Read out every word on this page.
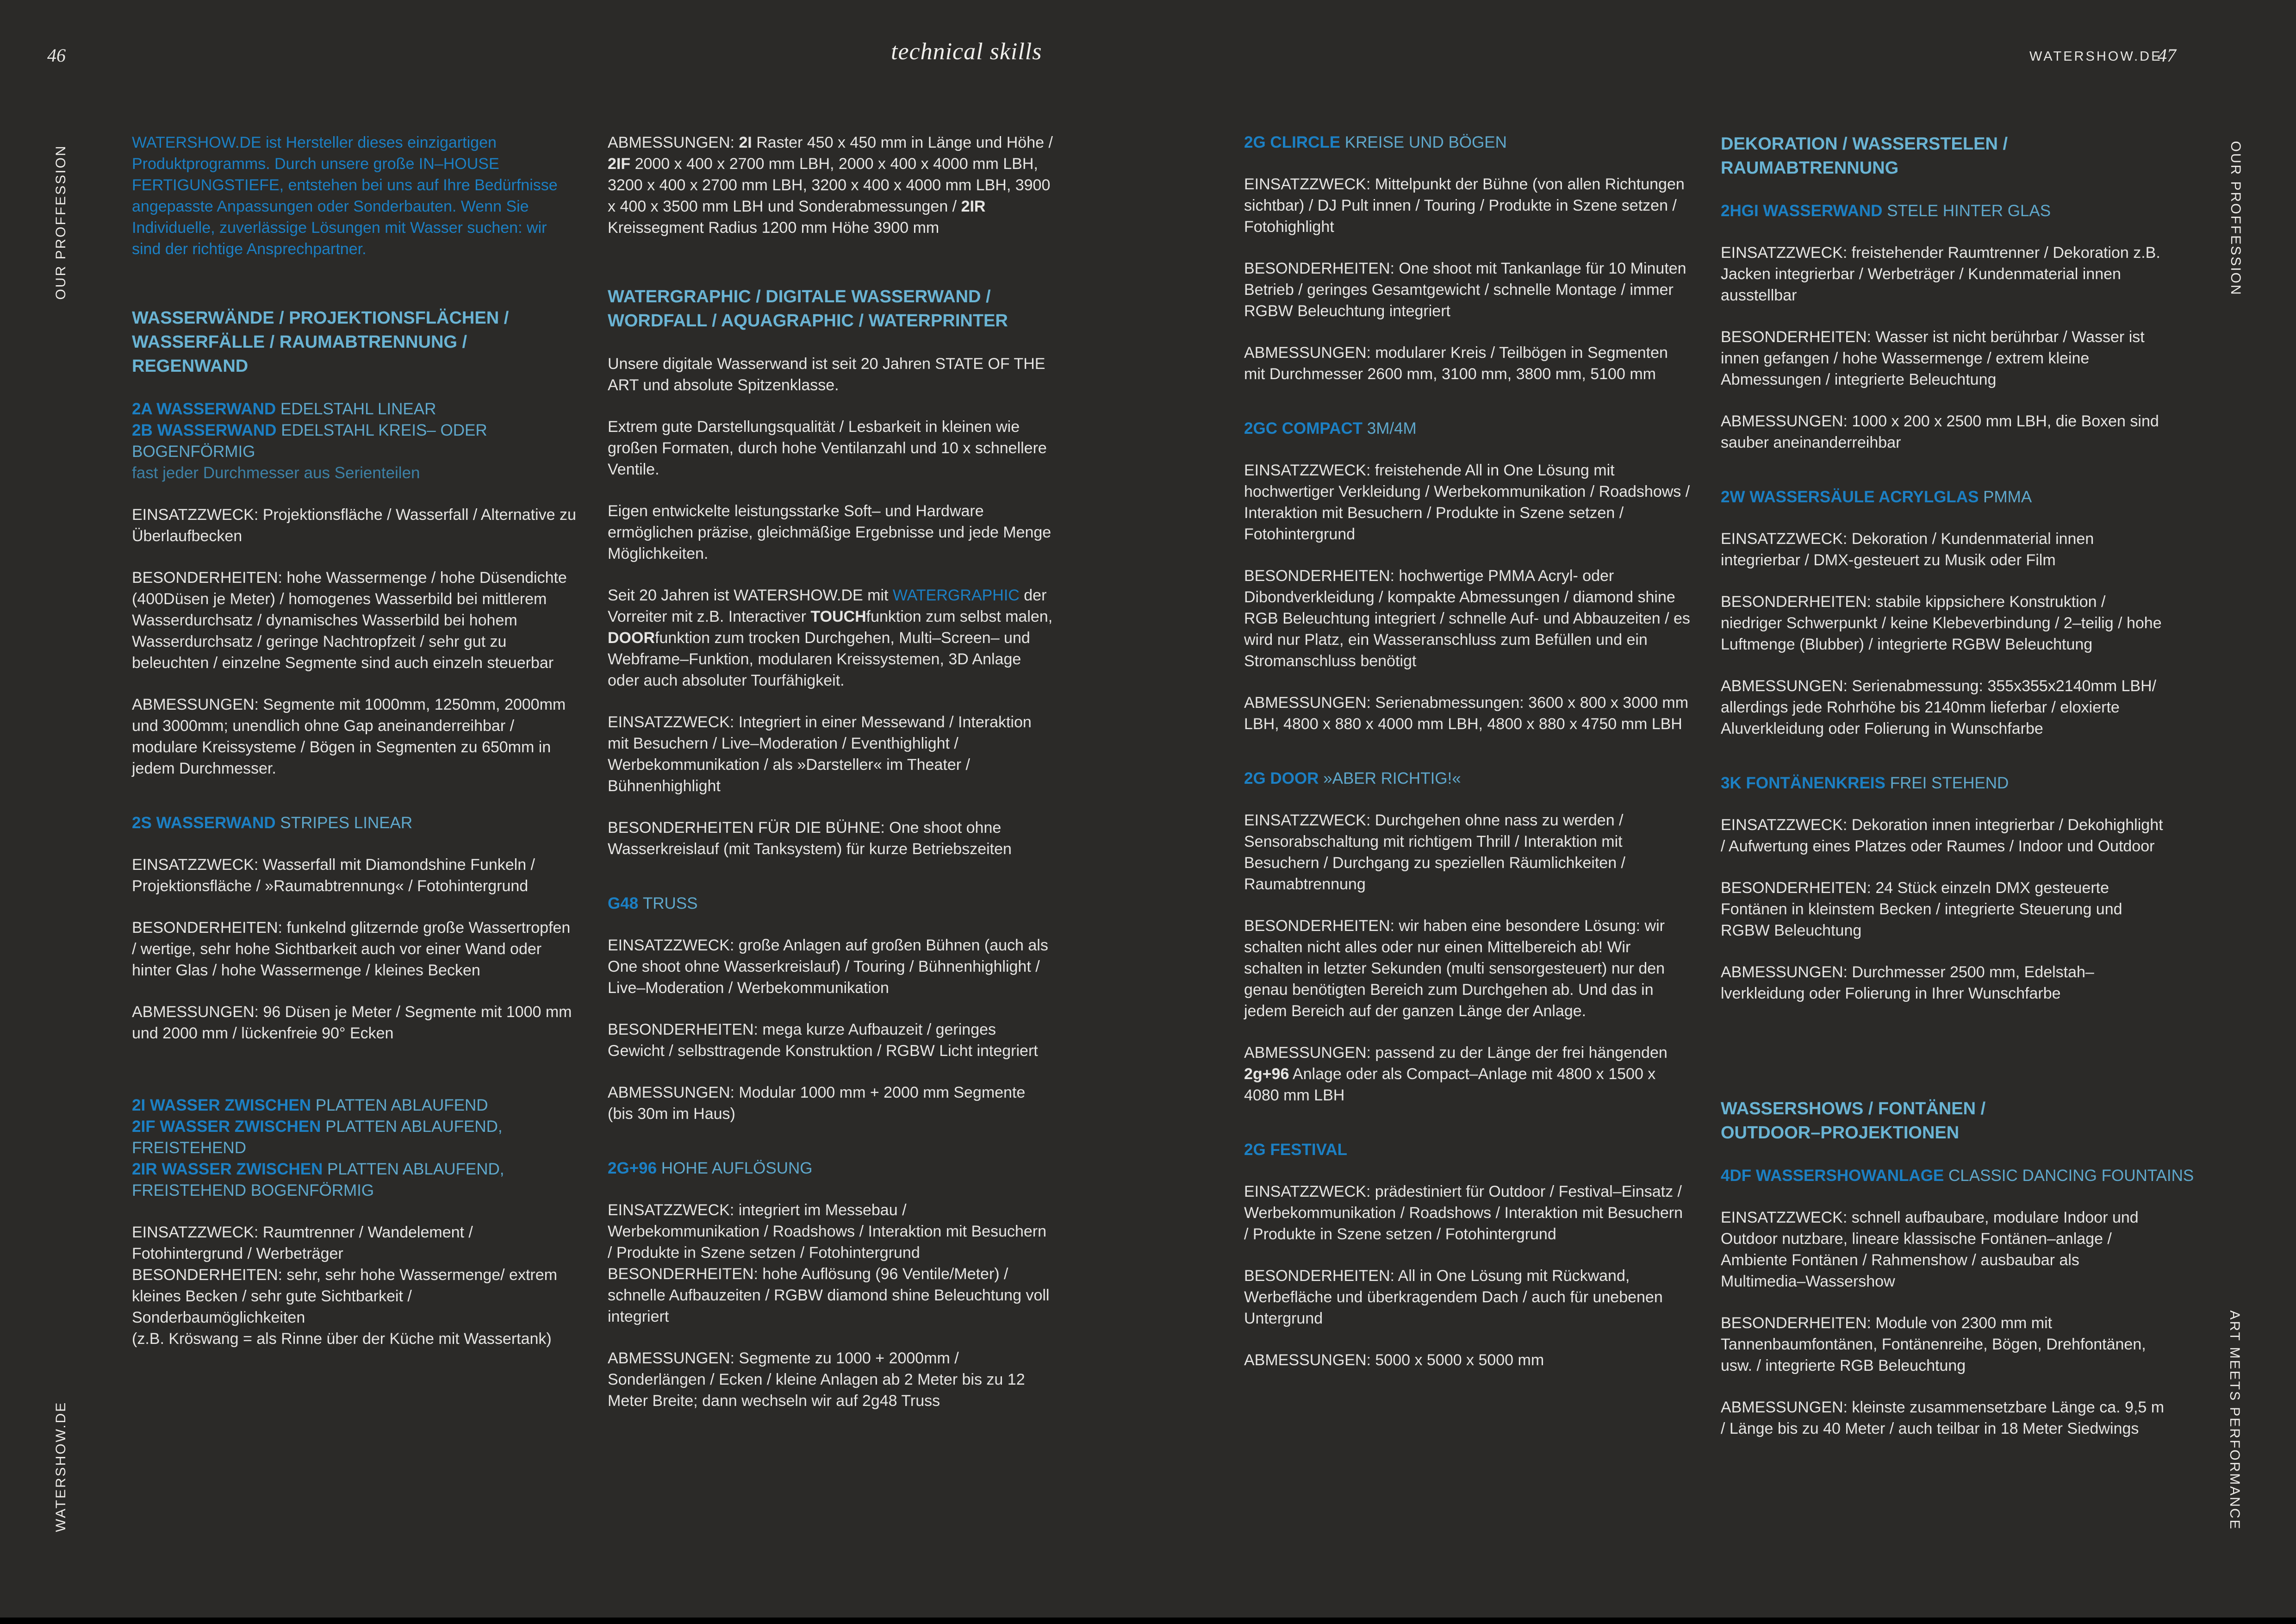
46	technical skills	WATERSHOW.DE
47
OUR PROFFESSION
WATERSHOW.DE
OUR PROFFESSION
ART MEETS PERFORMANCE
WATERSHOW.DE ist Hersteller dieses einzigartigen Produktprogramms. Durch unsere große IN–HOUSE FERTIGUNGSTIEFE, entstehen bei uns auf Ihre Bedürfnisse angepasste Anpassungen oder Sonderbauten. Wenn Sie Individuelle, zuverlässige Lösungen mit Wasser suchen: wir sind der richtige Ansprechpartner.
WASSERWÄNDE / PROJEKTIONSFLÄCHEN /
WASSERFÄLLE / RAUMABTRENNUNG /
REGENWAND
2A WASSERWAND EDELSTAHL LINEAR
2B WASSERWAND EDELSTAHL KREIS– ODER
BOGENFÖRMIG
fast jeder Durchmesser aus Serienteilen
EINSATZZWECK: Projektionsfläche / Wasserfall / Alternative zu Überlaufbecken
BESONDERHEITEN: hohe Wassermenge / hohe Düsendichte (400Düsen je Meter) / homogenes Wasserbild bei mittlerem Wasserdurchsatz / dynamisches Wasserbild bei hohem Wasserdurchsatz / geringe Nachtropfzeit / sehr gut zu beleuchten / einzelne Segmente sind auch einzeln steuerbar
ABMESSUNGEN: Segmente mit 1000mm, 1250mm, 2000mm und 3000mm; unendlich ohne Gap aneinanderreihbar / modulare Kreissysteme / Bögen in Segmenten zu 650mm in jedem Durchmesser.
2S WASSERWAND STRIPES LINEAR
EINSATZZWECK: Wasserfall mit Diamondshine Funkeln / Projektionsfläche / »Raumabtrennung« / Fotohintergrund
BESONDERHEITEN: funkelnd glitzernde große Wassertropfen / wertige, sehr hohe Sichtbarkeit auch vor einer Wand oder hinter Glas / hohe Wassermenge / kleines Becken
ABMESSUNGEN: 96 Düsen je Meter / Segmente mit 1000 mm und 2000 mm / lückenfreie 90° Ecken
2I WASSER ZWISCHEN PLATTEN ABLAUFEND
2IF WASSER ZWISCHEN PLATTEN ABLAUFEND,
FREISTEHEND
2IR WASSER ZWISCHEN PLATTEN ABLAUFEND,
FREISTEHEND BOGENFÖRMIG
EINSATZZWECK: Raumtrenner / Wandelement / Fotohintergrund / Werbeträger
BESONDERHEITEN: sehr, sehr hohe Wassermenge/ extrem kleines Becken / sehr gute Sichtbarkeit / Sonderbaumöglichkeiten
(z.B. Kröswang = als Rinne über der Küche mit Wassertank)
ABMESSUNGEN: 2I Raster 450 x 450 mm in Länge und Höhe / 2IF 2000 x 400 x 2700 mm LBH, 2000 x 400 x 4000 mm LBH, 3200 x 400 x 2700 mm LBH, 3200 x 400 x 4000 mm LBH, 3900 x 400 x 3500 mm LBH und Sonderabmessungen / 2IR Kreissegment Radius 1200 mm Höhe 3900 mm
WATERGRAPHIC / DIGITALE WASSERWAND /
WORDFALL / AQUAGRAPHIC / WATERPRINTER
Unsere digitale Wasserwand ist seit 20 Jahren STATE OF THE ART und absolute Spitzenklasse.
Extrem gute Darstellungsqualität / Lesbarkeit in kleinen wie großen Formaten, durch hohe Ventilanzahl und 10 x schnellere Ventile.
Eigen entwickelte leistungsstarke Soft– und Hardware ermöglichen präzise, gleichmäßige Ergebnisse und jede Menge Möglichkeiten.
Seit 20 Jahren ist WATERSHOW.DE mit WATERGRAPHIC der Vorreiter mit z.B. Interactiver TOUCHfunktion zum selbst malen, DOORfunktion zum trocken Durchgehen, Multi–Screen– und Webframe–Funktion, modularen Kreissystemen, 3D Anlage oder auch absoluter Tourfähigkeit.
EINSATZZWECK: Integriert in einer Messewand / Interaktion mit Besuchern / Live–Moderation / Eventhighlight / Werbekommunikation / als »Darsteller« im Theater / Bühnenhighlight
BESONDERHEITEN FÜR DIE BÜHNE: One shoot ohne Wasserkreislauf (mit Tanksystem) für kurze Betriebszeiten
G48 TRUSS
EINSATZZWECK: große Anlagen auf großen Bühnen (auch als One shoot ohne Wasserkreislauf) / Touring / Bühnenhighlight / Live–Moderation / Werbekommunikation
BESONDERHEITEN: mega kurze Aufbauzeit / geringes Gewicht / selbsttragende Konstruktion / RGBW Licht integriert
ABMESSUNGEN: Modular 1000 mm + 2000 mm Segmente (bis 30m im Haus)
2G+96 HOHE AUFLÖSUNG
EINSATZZWECK: integriert im Messebau / Werbekommunikation / Roadshows / Interaktion mit Besuchern / Produkte in Szene setzen / Fotohintergrund
BESONDERHEITEN: hohe Auflösung (96 Ventile/Meter) / schnelle Aufbauzeiten / RGBW diamond shine Beleuchtung voll integriert
ABMESSUNGEN: Segmente zu 1000 + 2000mm / Sonderlängen / Ecken / kleine Anlagen ab 2 Meter bis zu 12 Meter Breite; dann wechseln wir auf 2g48 Truss
2G CLIRCLE KREISE UND BÖGEN
EINSATZZWECK: Mittelpunkt der Bühne (von allen Richtungen sichtbar) / DJ Pult innen / Touring / Produkte in Szene setzen / Fotohighlight
BESONDERHEITEN: One shoot mit Tankanlage für 10 Minuten Betrieb / geringes Gesamtgewicht / schnelle Montage / immer RGBW Beleuchtung integriert
ABMESSUNGEN: modularer Kreis / Teilbögen in Segmenten mit Durchmesser 2600 mm, 3100 mm, 3800 mm, 5100 mm
2GC COMPACT 3M/4M
EINSATZZWECK: freistehende All in One Lösung mit hochwertiger Verkleidung / Werbekommunikation / Roadshows / Interaktion mit Besuchern / Produkte in Szene setzen / Fotohintergrund
BESONDERHEITEN: hochwertige PMMA Acryl- oder Dibondverkleidung / kompakte Abmessungen / diamond shine RGB Beleuchtung integriert / schnelle Auf- und Abbauzeiten / es wird nur Platz, ein Wasseranschluss zum Befüllen und ein Stromanschluss benötigt
ABMESSUNGEN: Serienabmessungen: 3600 x 800 x 3000 mm LBH, 4800 x 880 x 4000 mm LBH, 4800 x 880 x 4750 mm LBH
2G DOOR »ABER RICHTIG!«
EINSATZZWECK: Durchgehen ohne nass zu werden / Sensorabschaltung mit richtigem Thrill / Interaktion mit Besuchern / Durchgang zu speziellen Räumlichkeiten / Raumabtrennung
BESONDERHEITEN: wir haben eine besondere Lösung: wir schalten nicht alles oder nur einen Mittelbereich ab! Wir schalten in letzter Sekunden (multi sensorgesteuert) nur den genau benötigten Bereich zum Durchgehen ab. Und das in jedem Bereich auf der ganzen Länge der Anlage.
ABMESSUNGEN: passend zu der Länge der frei hängenden 2g+96 Anlage oder als Compact–Anlage mit 4800 x 1500 x 4080 mm LBH
2G FESTIVAL
EINSATZZWECK: prädestiniert für Outdoor / Festival–Einsatz / Werbekommunikation / Roadshows / Interaktion mit Besuchern / Produkte in Szene setzen / Fotohintergrund
BESONDERHEITEN: All in One Lösung mit Rückwand, Werbefläche und überkragendem Dach / auch für unebenen Untergrund
ABMESSUNGEN: 5000 x 5000 x 5000 mm
DEKORATION / WASSERSTELEN /
RAUMABTRENNUNG
2HGI WASSERWAND STELE HINTER GLAS
EINSATZZWECK: freistehender Raumtrenner / Dekoration z.B. Jacken integrierbar / Werbeträger / Kundenmaterial innen ausstellbar
BESONDERHEITEN: Wasser ist nicht berührbar / Wasser ist innen gefangen / hohe Wassermenge / extrem kleine Abmessungen / integrierte Beleuchtung
ABMESSUNGEN: 1000 x 200 x 2500 mm LBH, die Boxen sind sauber aneinanderreihbar
2W WASSERSÄULE ACRYLGLAS PMMA
EINSATZZWECK: Dekoration / Kundenmaterial innen integrierbar / DMX-gesteuert zu Musik oder Film
BESONDERHEITEN: stabile kippsichere Konstruktion / niedriger Schwerpunkt / keine Klebeverbindung / 2–teilig / hohe Luftmenge (Blubber) / integrierte RGBW Beleuchtung
ABMESSUNGEN: Serienabmessung: 355x355x2140mm LBH/ allerdings jede Rohrhöhe bis 2140mm lieferbar / eloxierte Aluverkleidung oder Folierung in Wunschfarbe
3K FONTÄNENKREIS FREI STEHEND
EINSATZZWECK: Dekoration innen integrierbar / Dekohighlight / Aufwertung eines Platzes oder Raumes / Indoor und Outdoor
BESONDERHEITEN: 24 Stück einzeln DMX gesteuerte Fontänen in kleinstem Becken / integrierte Steuerung und RGBW Beleuchtung
ABMESSUNGEN: Durchmesser 2500 mm, Edelstah–lverkleidung oder Folierung in Ihrer Wunschfarbe
WASSERSHOWS / FONTÄNEN /
OUTDOOR–PROJEKTIONEN
4DF WASSERSHOWANLAGE CLASSIC DANCING FOUNTAINS
EINSATZZWECK: schnell aufbaubare, modulare Indoor und Outdoor nutzbare, lineare klassische Fontänen–anlage / Ambiente Fontänen / Rahmenshow / ausbaubar als Multimedia–Wassershow
BESONDERHEITEN: Module von 2300 mm mit Tannenbaumfontänen, Fontänenreihe, Bögen, Drehfontänen, usw. / integrierte RGB Beleuchtung
ABMESSUNGEN: kleinste zusammensetzbare Länge ca. 9,5 m / Länge bis zu 40 Meter / auch teilbar in 18 Meter Siedwings
